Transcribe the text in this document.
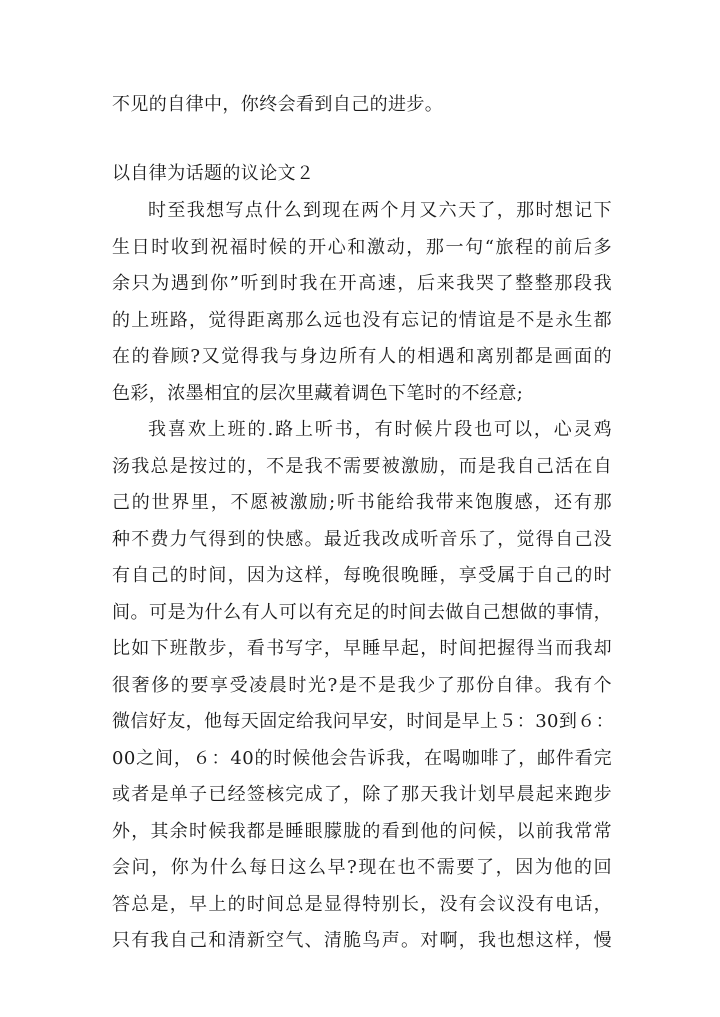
不见的自律中，你终会看到自己的进步。
以自律为话题的议论文２
时至我想写点什么到现在两个月又六天了，那时想记下
生日时收到祝福时候的开心和激动，那一句“旅程的前后多
余只为遇到你”听到时我在开高速，后来我哭了整整那段我
的上班路，觉得距离那么远也没有忘记的情谊是不是永生都
在的眷顾?又觉得我与身边所有人的相遇和离别都是画面的
色彩，浓墨相宜的层次里藏着调色下笔时的不经意;
我喜欢上班的.路上听书，有时候片段也可以，心灵鸡
汤我总是按过的，不是我不需要被激励，而是我自己活在自
己的世界里，不愿被激励;听书能给我带来饱腹感，还有那
种不费力气得到的快感。最近我改成听音乐了，觉得自己没
有自己的时间，因为这样，每晚很晚睡，享受属于自己的时
间。可是为什么有人可以有充足的时间去做自己想做的事情，
比如下班散步，看书写字，早睡早起，时间把握得当而我却
很奢侈的要享受凌晨时光?是不是我少了那份自律。我有个
微信好友，他每天固定给我问早安，时间是早上５：30到６：
00之间，６：40的时候他会告诉我，在喝咖啡了，邮件看完
或者是单子已经签核完成了，除了那天我计划早晨起来跑步
外，其余时候我都是睡眼朦胧的看到他的问候，以前我常常
会问，你为什么每日这么早?现在也不需要了，因为他的回
答总是，早上的时间总是显得特别长，没有会议没有电话，
只有我自己和清新空气、清脆鸟声。对啊，我也想这样，慢
